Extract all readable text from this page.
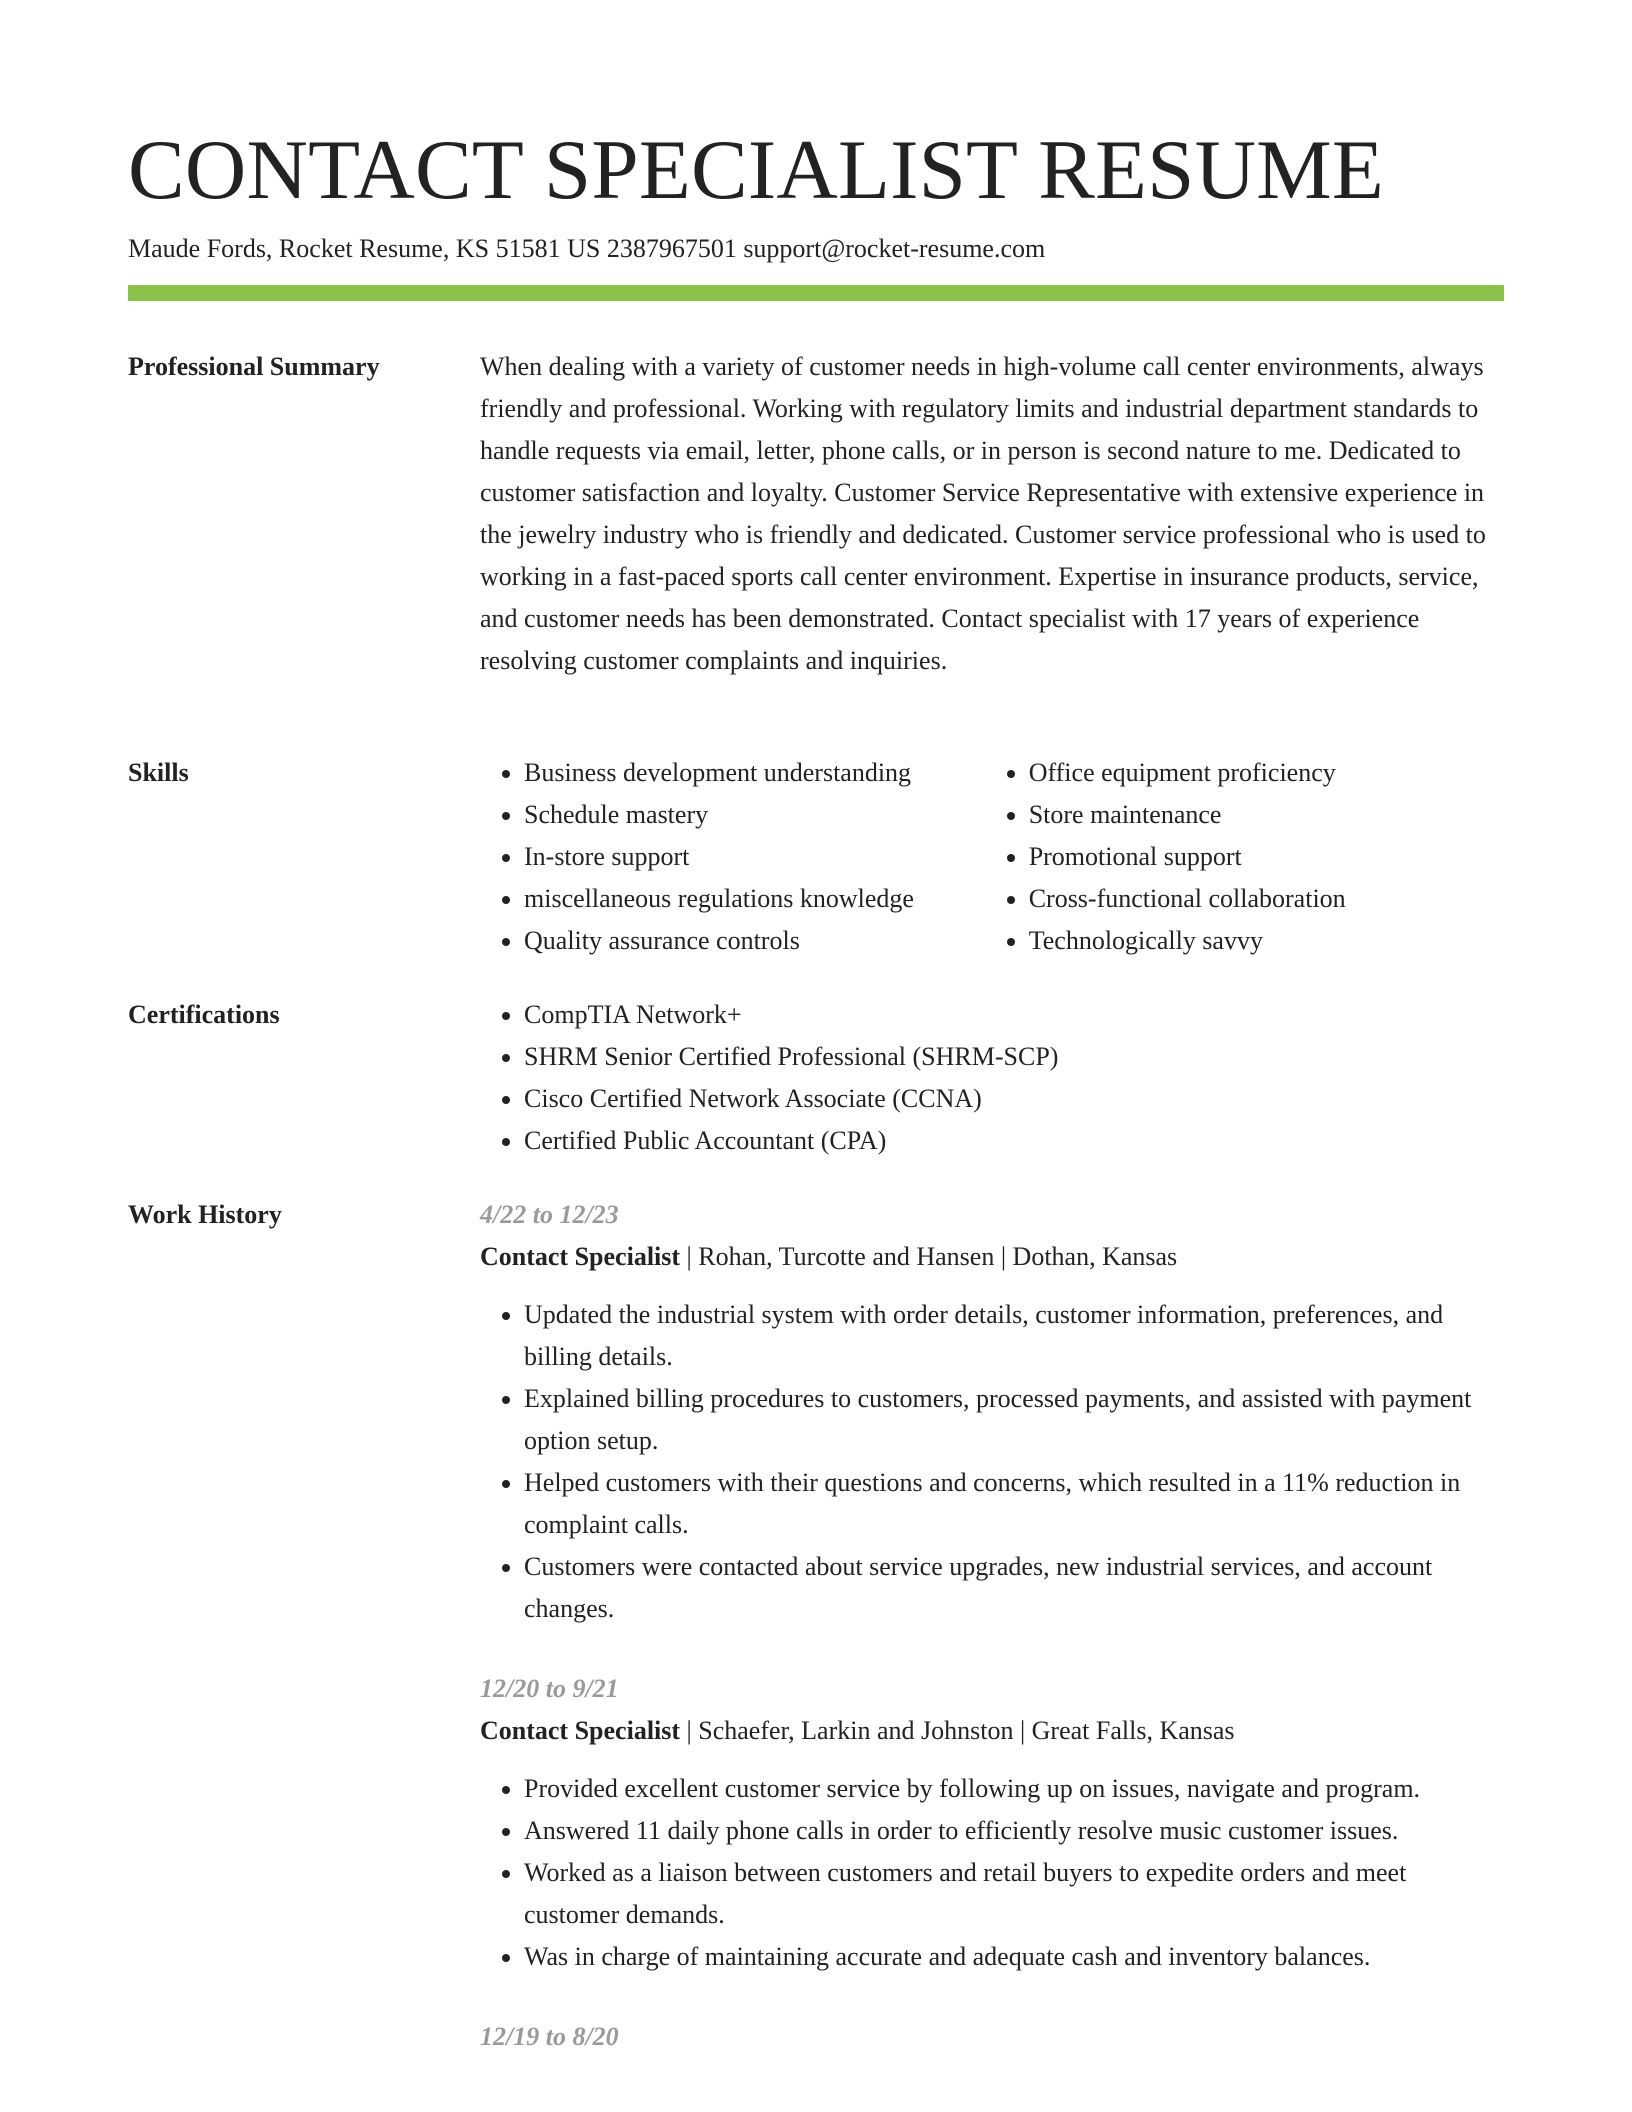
CONTACT SPECIALIST RESUME
Maude Fords, Rocket Resume, KS 51581 US 2387967501 support@rocket-resume.com
Professional Summary	When dealing with a variety of customer needs in high-volume call center environments, always friendly and professional. Working with regulatory limits and industrial department standards to handle requests via email, letter, phone calls, or in person is second nature to me. Dedicated to customer satisfaction and loyalty. Customer Service Representative with extensive experience in the jewelry industry who is friendly and dedicated. Customer service professional who is used to working in a fast-paced sports call center environment. Expertise in insurance products, service, and customer needs has been demonstrated. Contact specialist with 17 years of experience resolving customer complaints and inquiries.

Skills	• Business development understanding
• Schedule mastery
• In-store support
• miscellaneous regulations knowledge
• Quality assurance controls
• Office equipment proficiency
• Store maintenance
• Promotional support
• Cross-functional collaboration
• Technologically savvy
Certifications	• CompTIA Network+
• SHRM Senior Certified Professional (SHRM-SCP)
• Cisco Certified Network Associate (CCNA)
• Certified Public Accountant (CPA)
Work History	4/22 to 12/23
Contact Specialist | Rohan, Turcotte and Hansen | Dothan, Kansas
• Updated the industrial system with order details, customer information, preferences, and billing details.
• Explained billing procedures to customers, processed payments, and assisted with payment option setup.
• Helped customers with their questions and concerns, which resulted in a 11% reduction in complaint calls.
• Customers were contacted about service upgrades, new industrial services, and account changes.
12/20 to 9/21
Contact Specialist | Schaefer, Larkin and Johnston | Great Falls, Kansas
• Provided excellent customer service by following up on issues, navigate and program.
• Answered 11 daily phone calls in order to efficiently resolve music customer issues.
• Worked as a liaison between customers and retail buyers to expedite orders and meet customer demands.
• Was in charge of maintaining accurate and adequate cash and inventory balances.
12/19 to 8/20
